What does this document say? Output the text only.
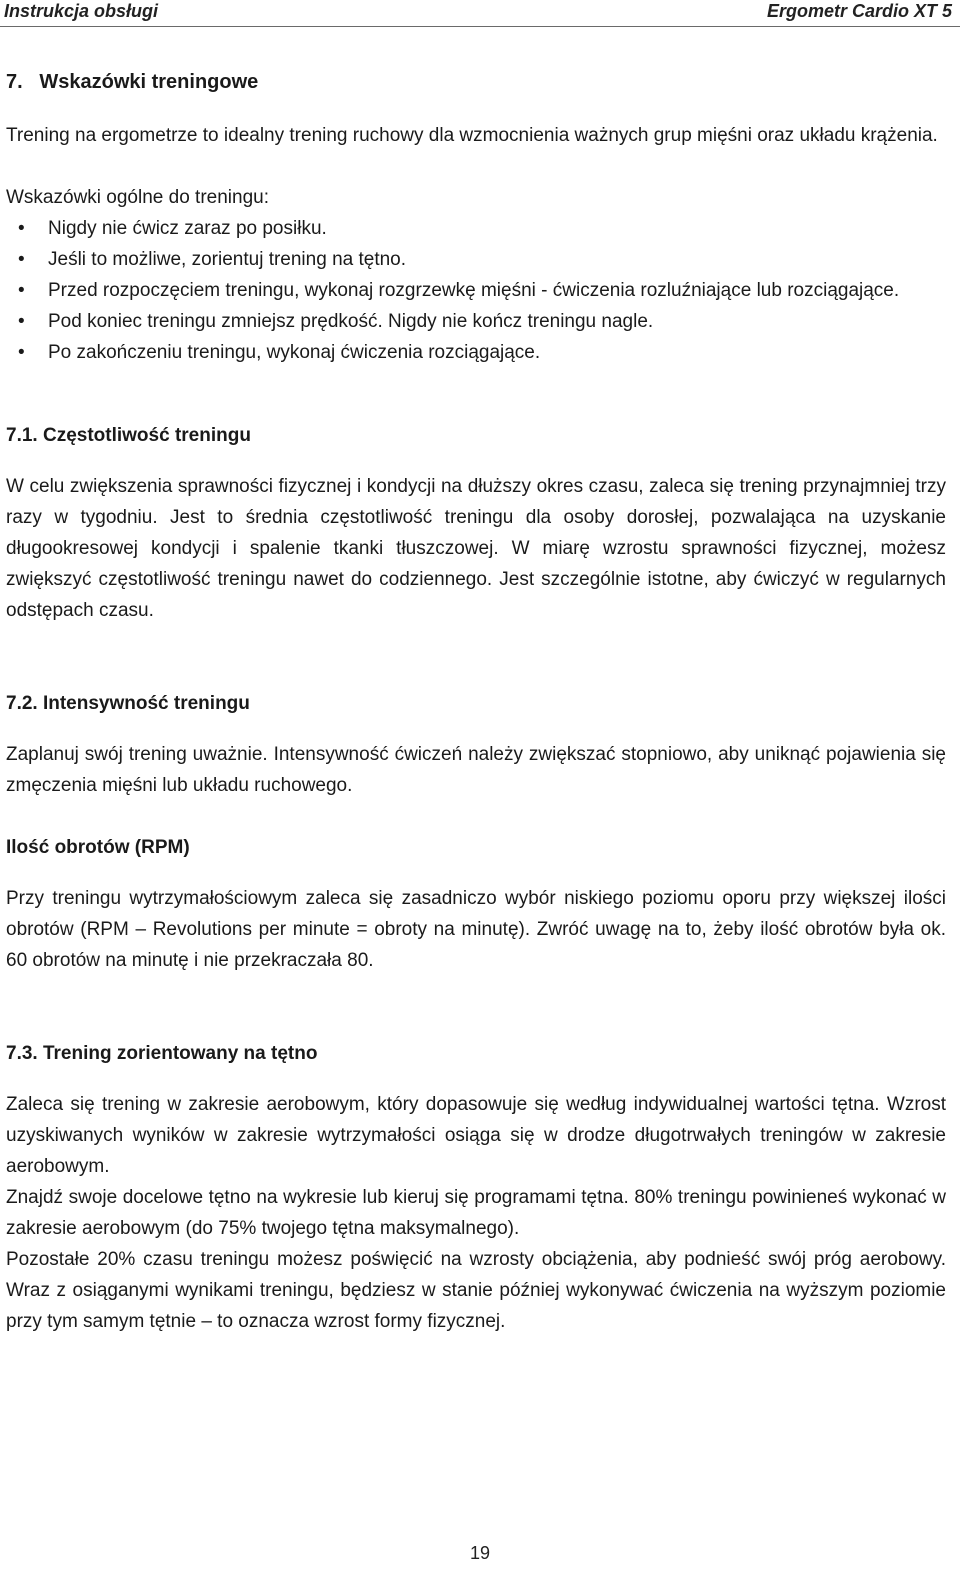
Instrukcja obsługi	Ergometr Cardio XT 5
7.   Wskazówki treningowe

Trening na ergometrze to idealny trening ruchowy dla wzmocnienia ważnych grup mięśni oraz układu krążenia.

Wskazówki ogólne do treningu:

• Nigdy nie ćwicz zaraz po posiłku.
• Jeśli to możliwe, zorientuj trening na tętno.
• Przed rozpoczęciem treningu, wykonaj rozgrzewkę mięśni - ćwiczenia rozluźniające lub rozciągające.
• Pod koniec treningu zmniejsz prędkość. Nigdy nie kończ treningu nagle.
• Po zakończeniu treningu, wykonaj ćwiczenia rozciągające.
7.1. Częstotliwość treningu

W celu zwiększenia sprawności fizycznej i kondycji na dłuższy okres czasu, zaleca się trening przynajmniej trzy razy w tygodniu. Jest to średnia częstotliwość treningu dla osoby dorosłej, pozwalająca na uzyskanie długookresowej kondycji i spalenie tkanki tłuszczowej. W miarę wzrostu sprawności fizycznej, możesz zwiększyć częstotliwość treningu nawet do codziennego. Jest szczególnie istotne, aby ćwiczyć w regularnych odstępach czasu.

7.2. Intensywność treningu

Zaplanuj swój trening uważnie. Intensywność ćwiczeń należy zwiększać stopniowo, aby uniknąć pojawienia się zmęczenia mięśni lub układu ruchowego.

Ilość obrotów (RPM)

Przy treningu wytrzymałościowym zaleca się zasadniczo wybór niskiego poziomu oporu przy większej ilości obrotów (RPM – Revolutions per minute = obroty na minutę). Zwróć uwagę na to, żeby ilość obrotów była ok. 60 obrotów na minutę i nie przekraczała 80.

7.3. Trening zorientowany na tętno

Zaleca się trening w zakresie aerobowym, który dopasowuje się według indywidualnej wartości tętna. Wzrost uzyskiwanych wyników w zakresie wytrzymałości osiąga się w drodze długotrwałych treningów w zakresie aerobowym.

Znajdź swoje docelowe tętno na wykresie lub kieruj się programami tętna. 80% treningu powinieneś wykonać w zakresie aerobowym (do 75% twojego tętna maksymalnego).

Pozostałe 20% czasu treningu możesz poświęcić na wzrosty obciążenia, aby podnieść swój próg aerobowy. Wraz z osiąganymi wynikami treningu, będziesz w stanie później wykonywać ćwiczenia na wyższym poziomie przy tym samym tętnie – to oznacza wzrost formy fizycznej.

19
